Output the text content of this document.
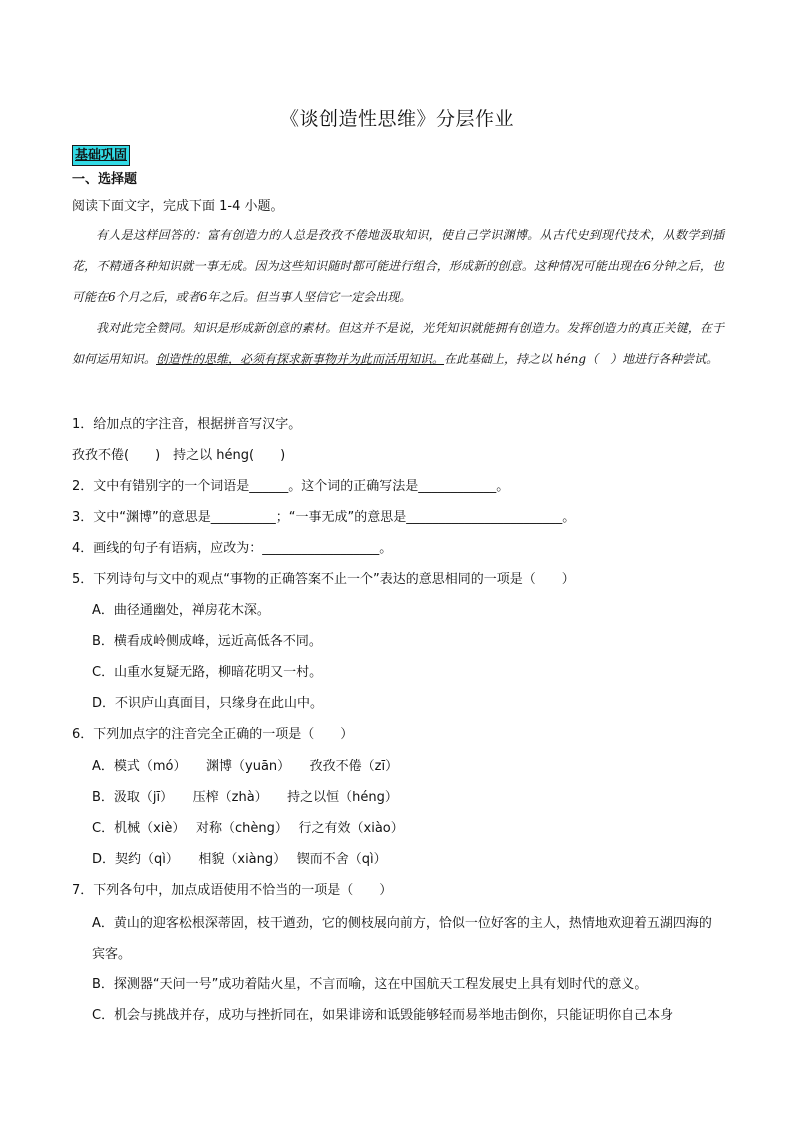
《谈创造性思维》分层作业
基础巩固
一、选择题
阅读下面文字，完成下面 1-4 小题。

有人是这样回答的：富有创造力的人总是孜孜不倦地汲取知识，使自己学识渊博。从古代史到现代技术，从数学到插花，不精通各种知识就一事无成。因为这些知识随时都可能进行组合，形成新的创意。这种情况可能出现在6分钟之后，也可能在6个月之后，或者6年之后。但当事人坚信它一定会出现。

我对此完全赞同。知识是形成新创意的素材。但这并不是说，光凭知识就能拥有创造力。发挥创造力的真正关键，在于如何运用知识。创造性的思维，必须有探求新事物并为此而活用知识。在此基础上，持之以 héng（　）地进行各种尝试。

1．给加点的字注音，根据拼音写汉字。
孜孜不倦(　　)　持之以 héng(　　)
2．文中有错别字的一个词语是______。这个词的正确写法是____________。
3．文中“渊博”的意思是__________；“一事无成”的意思是________________________。
4．画线的句子有语病，应改为：__________________。
5．下列诗句与文中的观点“事物的正确答案不止一个”表达的意思相同的一项是（　　）
A．曲径通幽处，禅房花木深。
B．横看成岭侧成峰，远近高低各不同。
C．山重水复疑无路，柳暗花明又一村。
D．不识庐山真面目，只缘身在此山中。
6．下列加点字的注音完全正确的一项是（　　）
A．模式（mó）　　渊博（yuān）　　孜孜不倦（zī）
B．汲取（jī）　　压榨（zhà）　　持之以恒（héng）
C．机械（xiè）　 对称（chèng）　 行之有效（xiào）
D．契约（qì）　　相貌（xiàng）　 锲而不舍（qì）
7．下列各句中，加点成语使用不恰当的一项是（　　）
A．黄山的迎客松根深蒂固，枝干遒劲，它的侧枝展向前方，恰似一位好客的主人，热情地欢迎着五湖四海的宾客。
B．探测器“天问一号”成功着陆火星，不言而喻，这在中国航天工程发展史上具有划时代的意义。
C．机会与挑战并存，成功与挫折同在，如果诽谤和诋毁能够轻而易举地击倒你，只能证明你自己本身
